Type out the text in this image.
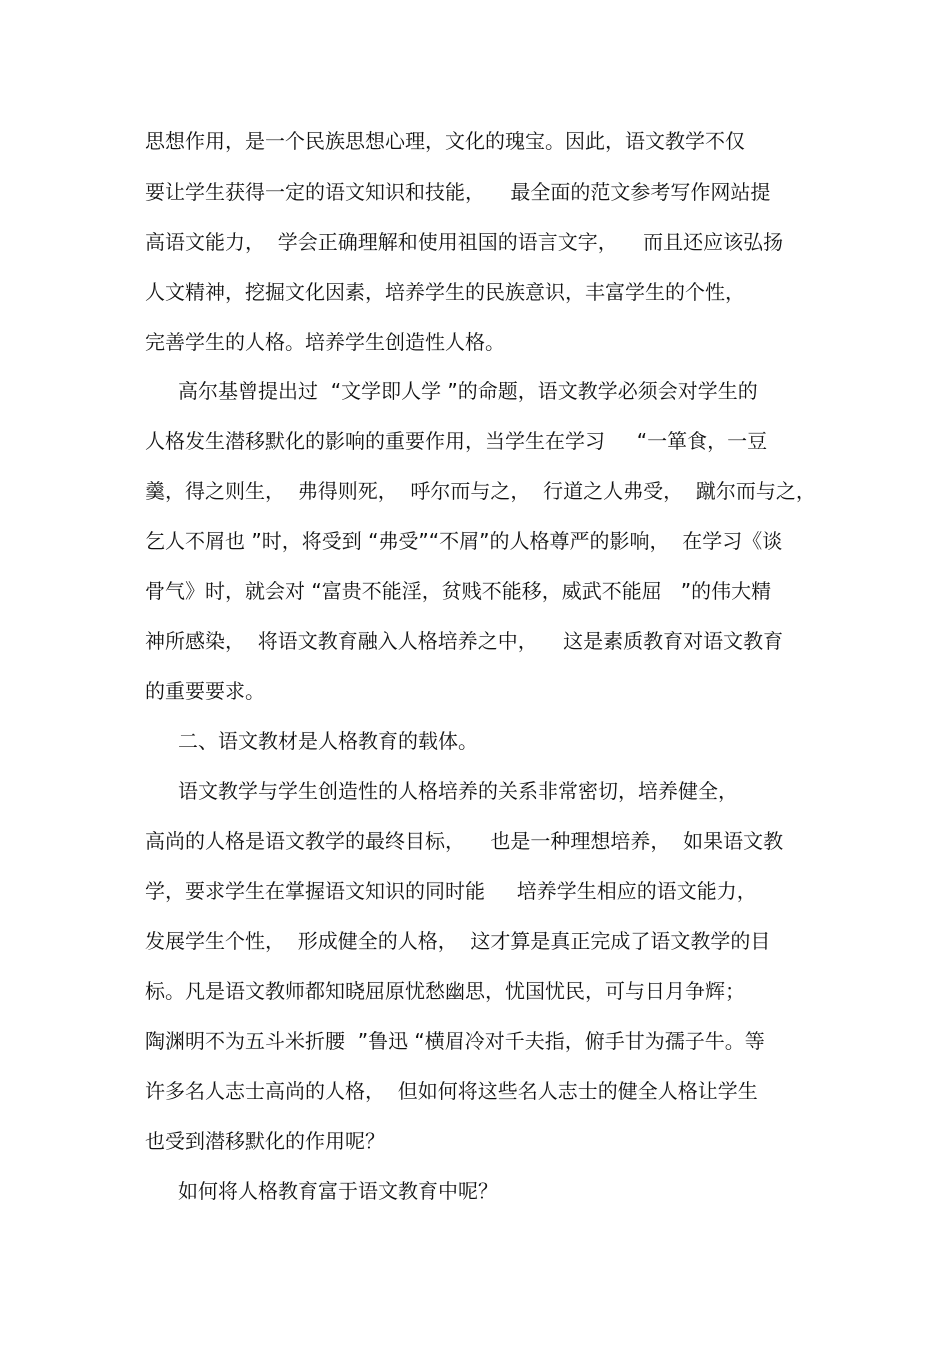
思想作用，是一个民族思想心理，文化的瑰宝。因此，语文教学不仅

要让学生获得一定的语文知识和技能，    最全面的范文参考写作网站提

高语文能力，  学会正确理解和使用祖国的语言文字，    而且还应该弘扬

人文精神，挖掘文化因素，培养学生的民族意识，丰富学生的个性，

完善学生的人格。培养学生创造性人格。

高尔基曾提出过  “文学即人学 ”的命题，语文教学必须会对学生的

人格发生潜移默化的影响的重要作用，当学生在学习     “一箪食，一豆

羹，得之则生，  弗得则死，  呼尔而与之，  行道之人弗受，  蹴尔而与之，

乞人不屑也 ”时，将受到 “弗受”“不屑”的人格尊严的影响，  在学习《谈

骨气》时，就会对 “富贵不能淫，贫贱不能移，威武不能屈   ”的伟大精

神所感染，  将语文教育融入人格培养之中，    这是素质教育对语文教育

的重要要求。

二、语文教材是人格教育的载体。

语文教学与学生创造性的人格培养的关系非常密切，培养健全，

高尚的人格是语文教学的最终目标，    也是一种理想培养，  如果语文教

学，要求学生在掌握语文知识的同时能     培养学生相应的语文能力，

发展学生个性，  形成健全的人格，  这才算是真正完成了语文教学的目

标。凡是语文教师都知晓屈原忧愁幽思，忧国忧民，可与日月争辉；

陶渊明不为五斗米折腰  ”鲁迅 “横眉冷对千夫指，俯手甘为孺子牛。等

许多名人志士高尚的人格，  但如何将这些名人志士的健全人格让学生

也受到潜移默化的作用呢？

如何将人格教育富于语文教育中呢？
